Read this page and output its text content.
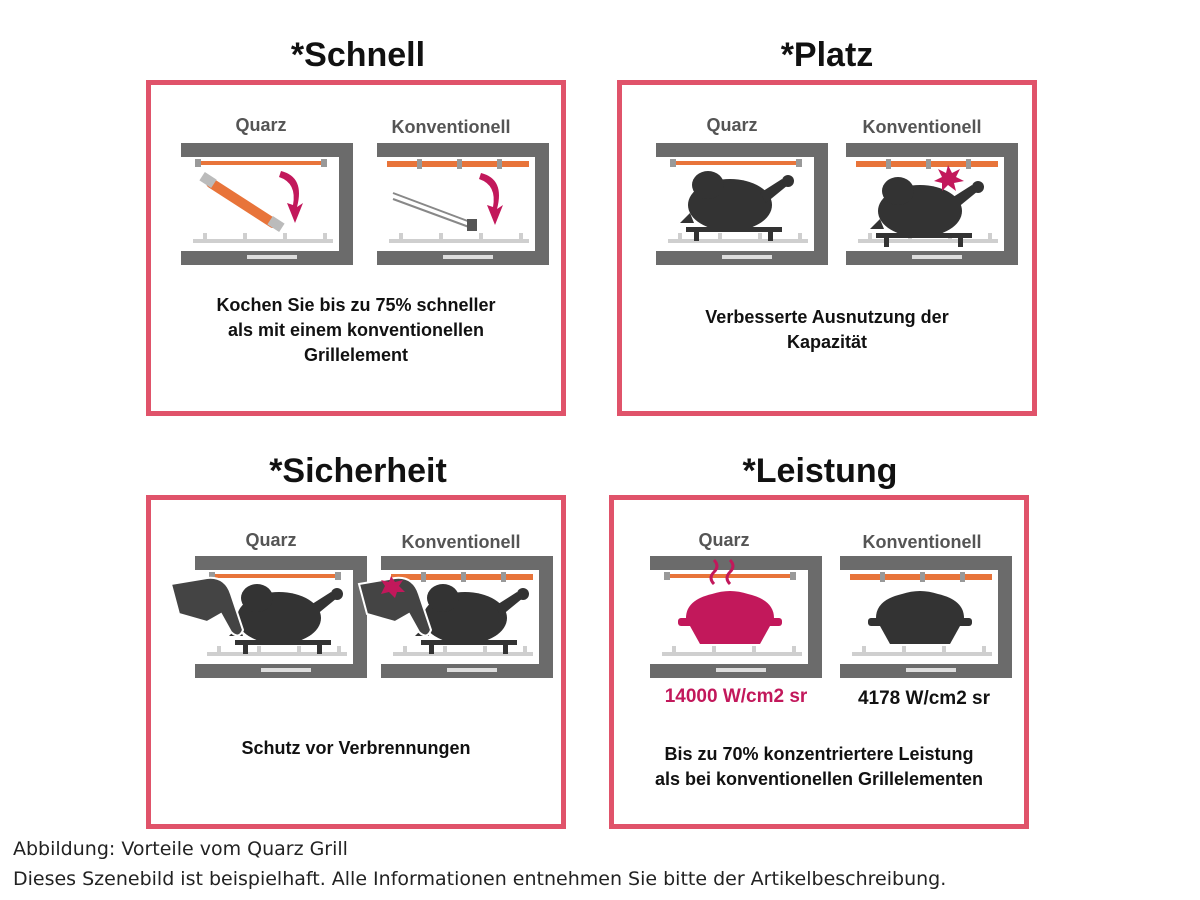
*Schnell
Quarz	Konventionell
Kochen Sie bis zu 75% schneller
als mit einem konventionellen
Grillelement
*Platz
Quarz	Konventionell
Verbesserte Ausnutzung der
Kapazität
*Sicherheit
Quarz	Konventionell
Schutz vor Verbrennungen
*Leistung
Quarz	Konventionell
14000 W/cm2 sr	4178 W/cm2 sr
Bis zu 70% konzentriertere Leistung
als bei konventionellen Grillelementen
Abbildung: Vorteile vom Quarz Grill
Dieses Szenebild ist beispielhaft. Alle Informationen entnehmen Sie bitte der Artikelbeschreibung.
